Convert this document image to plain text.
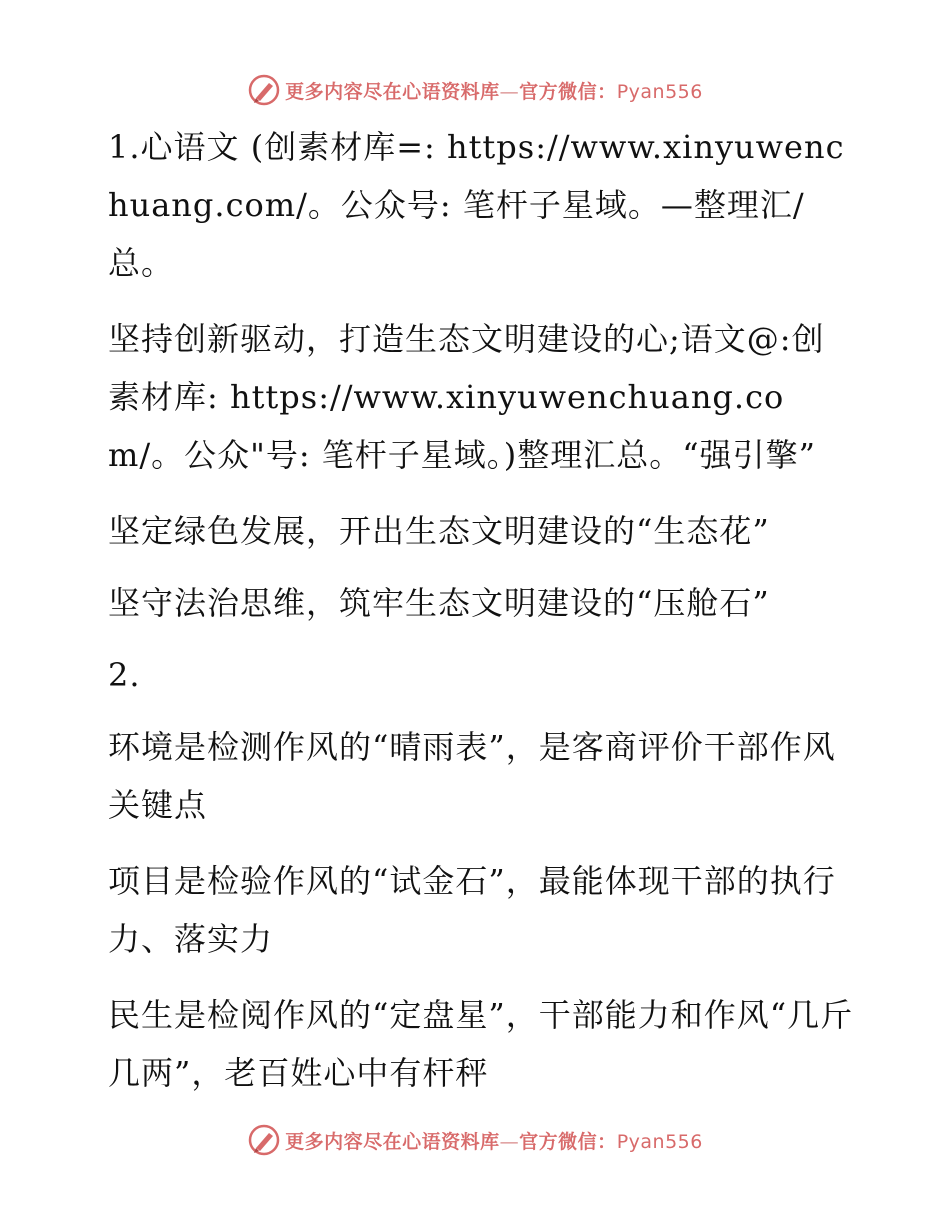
更多内容尽在心语资料库—官方微信：Pyan556

1.心语文 (创素材库=: https://www.xinyuwenchuang.com/。公众号: 笔杆子星域。—整理汇/总。

坚持创新驱动，打造生态文明建设的心;语文@:创素材库: https://www.xinyuwenchuang.com/。公众"号: 笔杆子星域。)整理汇总。“强引擎”

坚定绿色发展，开出生态文明建设的“生态花”

坚守法治思维，筑牢生态文明建设的“压舱石”

2.

环境是检测作风的“晴雨表”，是客商评价干部作风关键点

项目是检验作风的“试金石”，最能体现干部的执行力、落实力

民生是检阅作风的“定盘星”，干部能力和作风“几斤几两”，老百姓心中有杆秤

更多内容尽在心语资料库—官方微信：Pyan556
